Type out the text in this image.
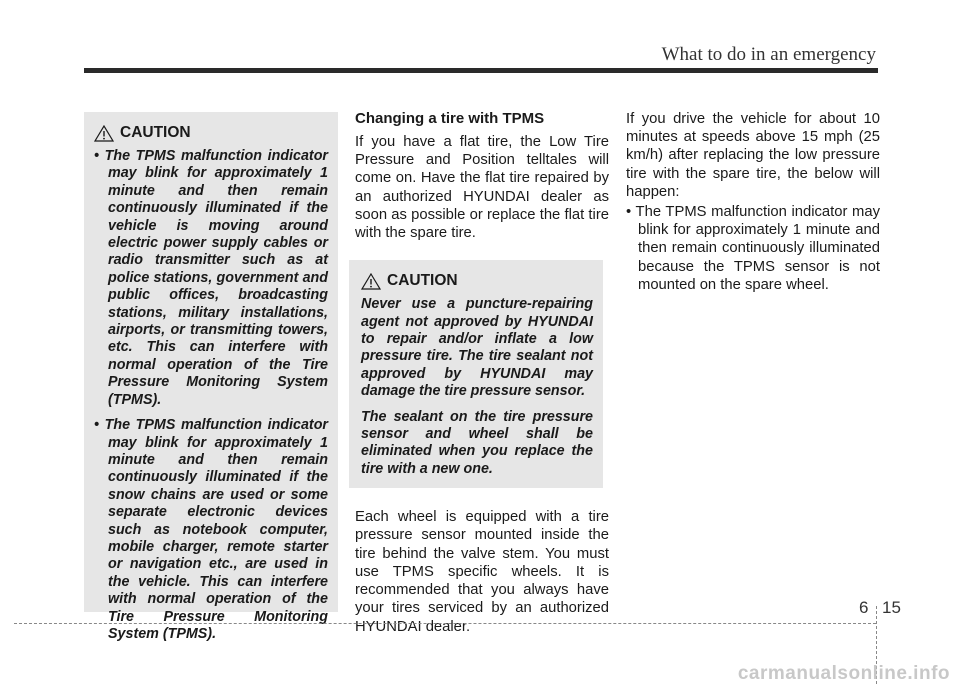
What to do in an emergency
CAUTION
• The TPMS malfunction indicator may blink for approximately 1 minute and then remain continuously illuminated if the vehicle is moving around electric power supply cables or radio transmitter such as at police stations, government and public offices, broadcasting stations, military installations, airports, or transmitting towers, etc. This can interfere with normal operation of the Tire Pressure Monitoring System (TPMS).
• The TPMS malfunction indicator may blink for approximately 1 minute and then remain continuously illuminated if the snow chains are used or some separate electronic devices such as notebook computer, mobile charger, remote starter or navigation etc., are used in the vehicle. This can interfere with normal operation of the Tire Pressure Monitoring System (TPMS).
Changing a tire with TPMS

If you have a flat tire, the Low Tire Pressure and Position telltales will come on. Have the flat tire repaired by an authorized HYUNDAI dealer as soon as possible or replace the flat tire with the spare tire.

CAUTION

Never use a puncture-repairing agent not approved by HYUNDAI to repair and/or inflate a low pressure tire. The tire sealant not approved by HYUNDAI may damage the tire pressure sensor.

The sealant on the tire pressure sensor and wheel shall be eliminated when you replace the tire with a new one.

Each wheel is equipped with a tire pressure sensor mounted inside the tire behind the valve stem. You must use TPMS specific wheels. It is recommended that you always have your tires serviced by an authorized HYUNDAI dealer.

If you drive the vehicle for about 10 minutes at speeds above 15 mph (25 km/h) after replacing the low pressure tire with the spare tire, the below will happen:

• The TPMS malfunction indicator may blink for approximately 1 minute and then remain continuously illuminated because the TPMS sensor is not mounted on the spare wheel.
6 15
carmanualsonline.info
